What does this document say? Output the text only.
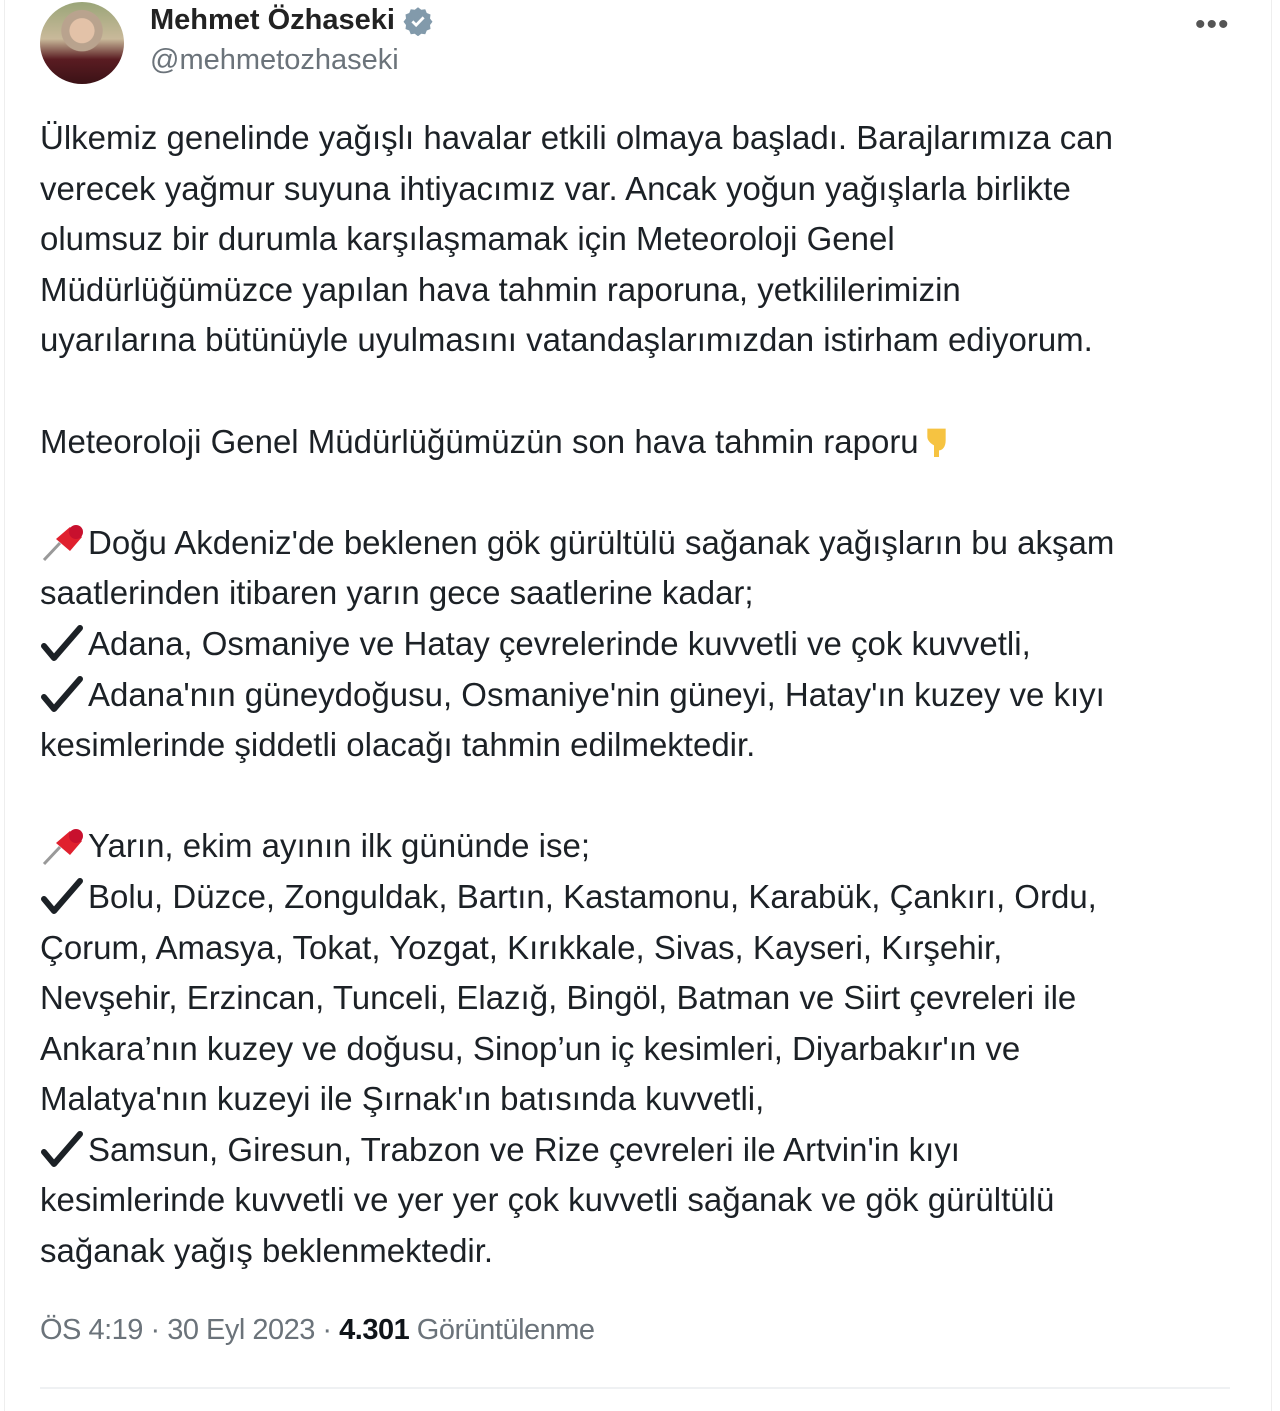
Mehmet Özhaseki
@mehmetozhaseki
•••
Ülkemiz genelinde yağışlı havalar etkili olmaya başladı. Barajlarımıza can
verecek yağmur suyuna ihtiyacımız var. Ancak yoğun yağışlarla birlikte
olumsuz bir durumla karşılaşmamak için Meteoroloji Genel
Müdürlüğümüzce yapılan hava tahmin raporuna, yetkililerimizin
uyarılarına bütünüyle uyulmasını vatandaşlarımızdan istirham ediyorum.
Meteoroloji Genel Müdürlüğümüzün son hava tahmin raporu
Doğu Akdeniz'de beklenen gök gürültülü sağanak yağışların bu akşam
saatlerinden itibaren yarın gece saatlerine kadar;
Adana, Osmaniye ve Hatay çevrelerinde kuvvetli ve çok kuvvetli,
Adana'nın güneydoğusu, Osmaniye'nin güneyi, Hatay'ın kuzey ve kıyı
kesimlerinde şiddetli olacağı tahmin edilmektedir.
Yarın, ekim ayının ilk gününde ise;
Bolu, Düzce, Zonguldak, Bartın, Kastamonu, Karabük, Çankırı, Ordu,
Çorum, Amasya, Tokat, Yozgat, Kırıkkale, Sivas, Kayseri, Kırşehir,
Nevşehir, Erzincan, Tunceli, Elazığ, Bingöl, Batman ve Siirt çevreleri ile
Ankara’nın kuzey ve doğusu, Sinop’un iç kesimleri, Diyarbakır'ın ve
Malatya'nın kuzeyi ile Şırnak'ın batısında kuvvetli,
Samsun, Giresun, Trabzon ve Rize çevreleri ile Artvin'in kıyı
kesimlerinde kuvvetli ve yer yer çok kuvvetli sağanak ve gök gürültülü
sağanak yağış beklenmektedir.
ÖS 4:19 · 30 Eyl 2023 · 4.301 Görüntülenme
